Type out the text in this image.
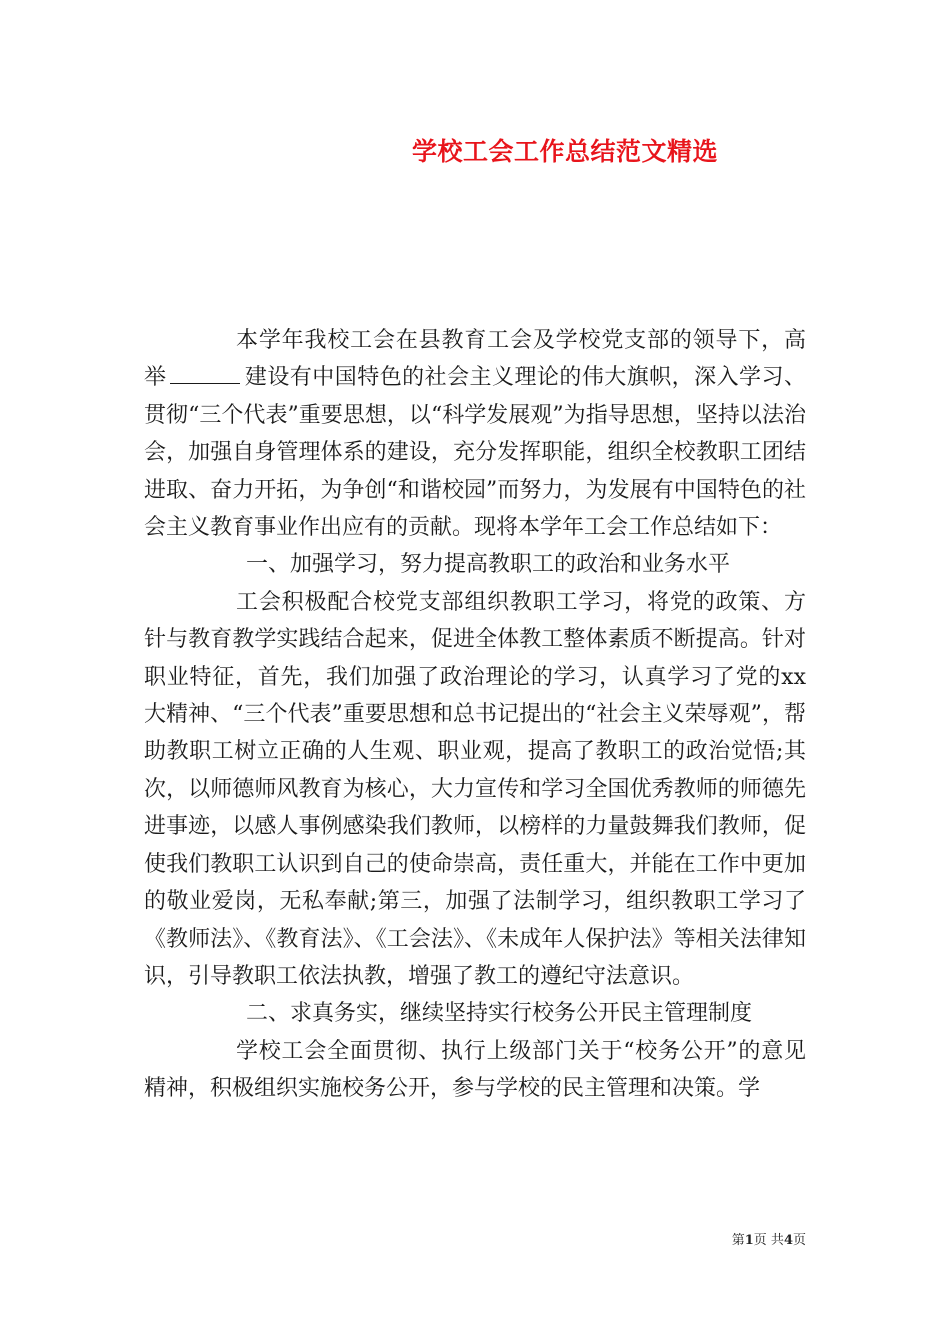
学校工会工作总结范文精选

本学年我校工会在县教育工会及学校党支部的领导下，高举	建设有中国特色的社会主义理论的伟大旗帜，深入学习、贯彻“三个代表”重要思想，以“科学发展观”为指导思想，坚持以法治会，加强自身管理体系的建设，充分发挥职能，组织全校教职工团结进取、奋力开拓，为争创“和谐校园”而努力，为发展有中国特色的社会主义教育事业作出应有的贡献。现将本学年工会工作总结如下：

一、加强学习，努力提高教职工的政治和业务水平

工会积极配合校党支部组织教职工学习，将党的政策、方针与教育教学实践结合起来，促进全体教工整体素质不断提高。针对职业特征，首先，我们加强了政治理论的学习，认真学习了党的xx大精神、“三个代表”重要思想和总书记提出的“社会主义荣辱观”，帮助教职工树立正确的人生观、职业观，提高了教职工的政治觉悟;其次，以师德师风教育为核心，大力宣传和学习全国优秀教师的师德先进事迹，以感人事例感染我们教师，以榜样的力量鼓舞我们教师，促使我们教职工认识到自己的使命崇高，责任重大，并能在工作中更加的敬业爱岗，无私奉献;第三，加强了法制学习，组织教职工学习了《教师法》、《教育法》、《工会法》、《未成年人保护法》等相关法律知识，引导教职工依法执教，增强了教工的遵纪守法意识。

二、求真务实，继续坚持实行校务公开民主管理制度

学校工会全面贯彻、执行上级部门关于“校务公开”的意见精神，积极组织实施校务公开，参与学校的民主管理和决策。学

第1页 共4页
